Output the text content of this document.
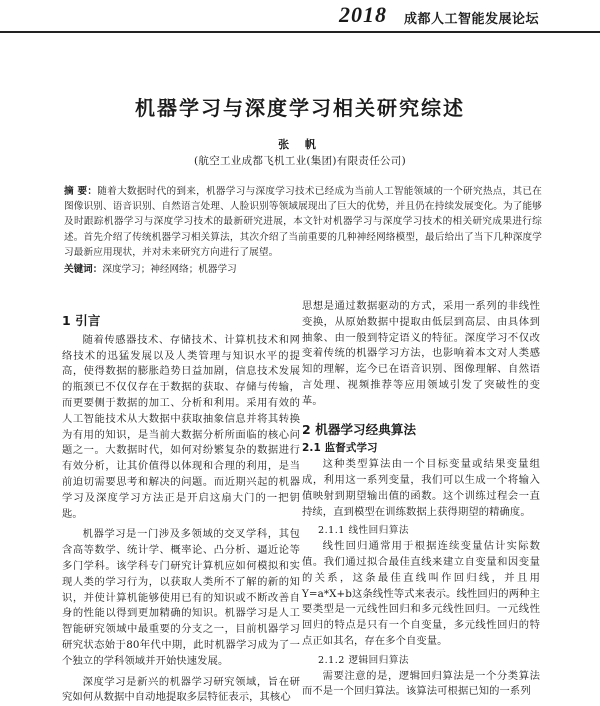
2018 成都人工智能发展论坛
机器学习与深度学习相关研究综述
张 帆
(航空工业成都飞机工业(集团)有限责任公司)
摘 要：随着大数据时代的到来，机器学习与深度学习技术已经成为当前人工智能领域的一个研究热点，其已在图像识别、语音识别、自然语言处理、人脸识别等领域展现出了巨大的优势，并且仍在持续发展变化。为了能够及时跟踪机器学习与深度学习技术的最新研究进展，本文针对机器学习与深度学习技术的相关研究成果进行综述。首先介绍了传统机器学习相关算法，其次介绍了当前重要的几种神经网络模型，最后给出了当下几种深度学习最新应用现状，并对未来研究方向进行了展望。
关键词：深度学习；神经网络；机器学习
1 引言

随着传感器技术、存储技术、计算机技术和网络技术的迅猛发展以及人类管理与知识水平的提高，使得数据的膨胀趋势日益加剧，信息技术发展的瓶颈已不仅仅存在于数据的获取、存储与传输，而更要侧于数据的加工、分析和利用。采用有效的人工智能技术从大数据中获取抽象信息并将其转换为有用的知识，是当前大数据分析所面临的核心问题之一。大数据时代，如何对纷繁复杂的数据进行有效分析，让其价值得以体现和合理的利用，是当前迫切需要思考和解决的问题。而近期兴起的机器学习及深度学习方法正是开启这扇大门的一把钥匙。

机器学习是一门涉及多领域的交叉学科，其包含高等数学、统计学、概率论、凸分析、逼近论等多门学科。该学科专门研究计算机应如何模拟和实现人类的学习行为，以获取人类所不了解的新的知识，并使计算机能够使用已有的知识或不断改善自身的性能以得到更加精确的知识。机器学习是人工智能研究领域中最重要的分支之一，目前机器学习研究状态始于80年代中期，此时机器学习成为了一个独立的学科领域并开始快速发展。

深度学习是新兴的机器学习研究领域，旨在研究如何从数据中自动地提取多层特征表示，其核心

思想是通过数据驱动的方式，采用一系列的非线性变换，从原始数据中提取由低层到高层、由具体到抽象、由一般到特定语义的特征。深度学习不仅改变着传统的机器学习方法，也影响着本文对人类感知的理解，迄今已在语音识别、图像理解、自然语言处理、视频推荐等应用领域引发了突破性的变革。

2 机器学习经典算法
2.1 监督式学习

这种类型算法由一个目标变量或结果变量组成，利用这一系列变量，我们可以生成一个将输入值映射到期望输出值的函数。这个训练过程会一直持续，直到模型在训练数据上获得期望的精确度。

2.1.1 线性回归算法

线性回归通常用于根据连续变量估计实际数值。我们通过拟合最佳直线来建立自变量和因变量的关系，这条最佳直线叫作回归线，并且用Y=a*X+b这条线性等式来表示。线性回归的两种主要类型是一元线性回归和多元线性回归。一元线性回归的特点是只有一个自变量，多元线性回归的特点正如其名，存在多个自变量。

2.1.2 逻辑回归算法

需要注意的是，逻辑回归算法是一个分类算法而不是一个回归算法。该算法可根据已知的一系列
